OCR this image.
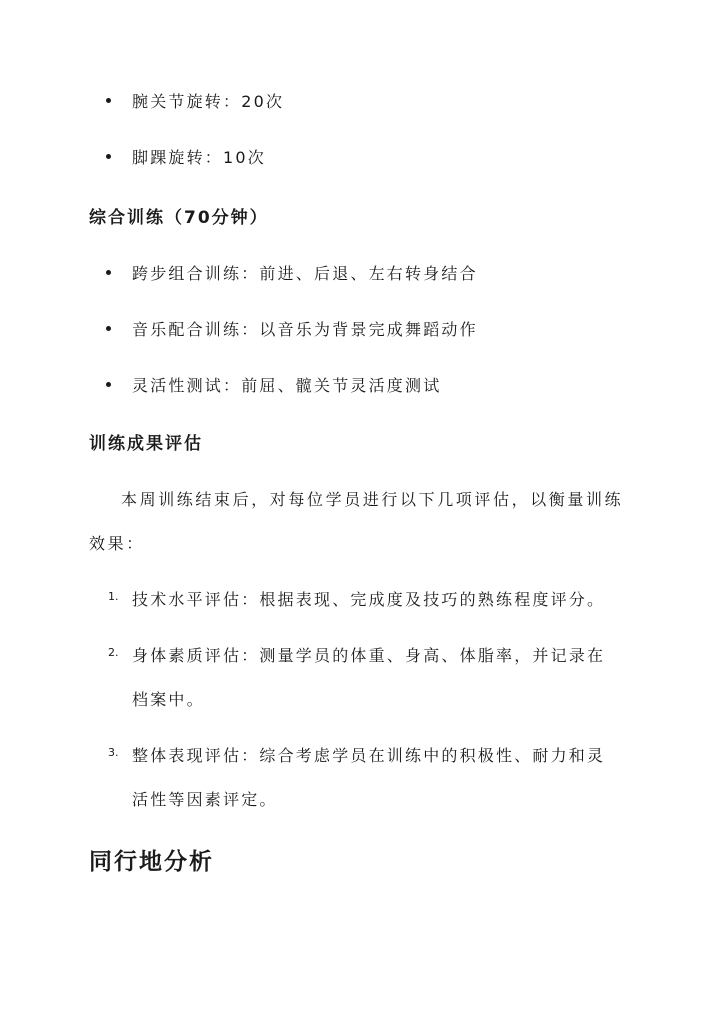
腕关节旋转：20次
脚踝旋转：10次
综合训练（70分钟）
跨步组合训练：前进、后退、左右转身结合
音乐配合训练：以音乐为背景完成舞蹈动作
灵活性测试：前屈、髋关节灵活度测试
训练成果评估
本周训练结束后，对每位学员进行以下几项评估，以衡量训练
效果：
1. 技术水平评估：根据表现、完成度及技巧的熟练程度评分。
2. 身体素质评估：测量学员的体重、身高、体脂率，并记录在
档案中。
3. 整体表现评估：综合考虑学员在训练中的积极性、耐力和灵
活性等因素评定。
同行地分析
